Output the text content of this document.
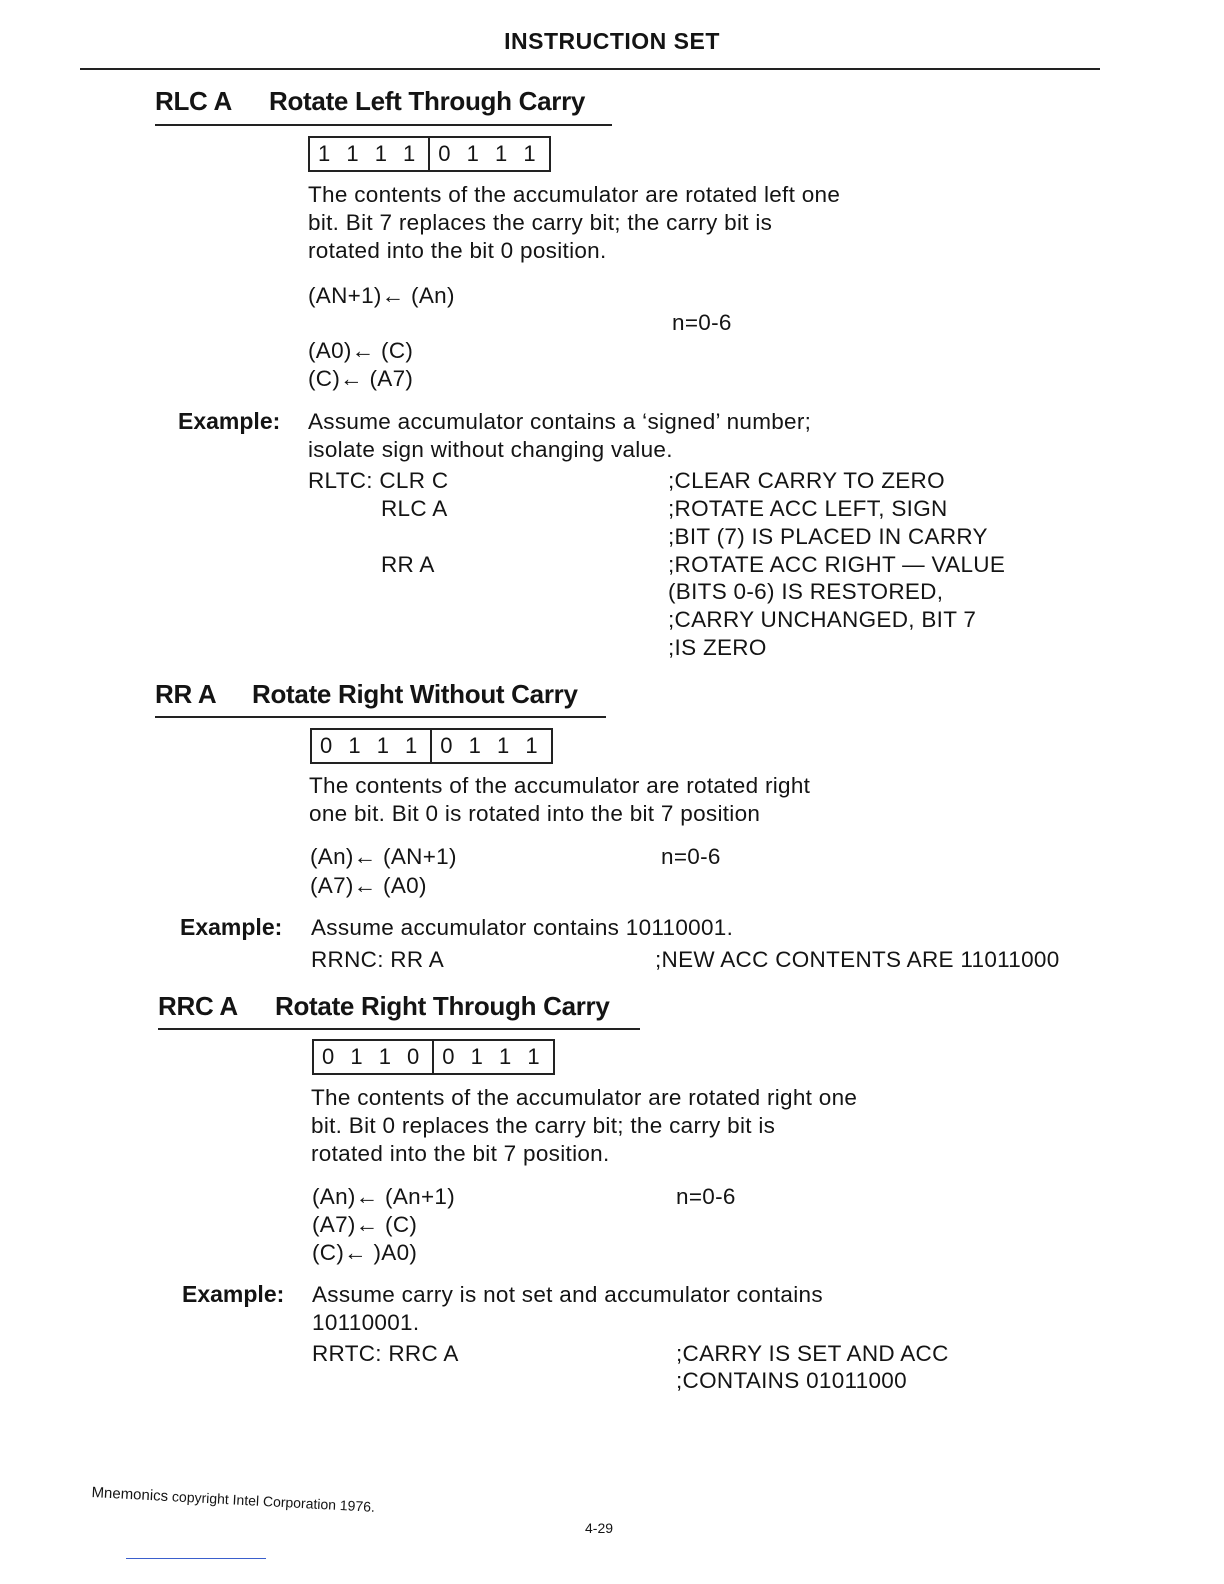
INSTRUCTION SET
RLC A Rotate Left Through Carry
1 1 1 1 0 1 1 1
The contents of the accumulator are rotated left one
bit. Bit 7 replaces the carry bit; the carry bit is
rotated into the bit 0 position.
(AN+1)← (An)
n=0-6
(A0)← (C)
(C)← (A7)
Example: Assume accumulator contains a ‘signed’ number;
isolate sign without changing value.
RLTC: CLR C	;CLEAR CARRY TO ZERO
RLC A	;ROTATE ACC LEFT, SIGN
;BIT (7) IS PLACED IN CARRY
RR A	;ROTATE ACC RIGHT — VALUE
(BITS 0-6) IS RESTORED,
;CARRY UNCHANGED, BIT 7
;IS ZERO
RR A Rotate Right Without Carry
0 1 1 1 0 1 1 1
The contents of the accumulator are rotated right
one bit. Bit 0 is rotated into the bit 7 position
(An)← (AN+1)	n=0-6
(A7)← (A0)
Example: Assume accumulator contains 10110001.
RRNC: RR A	;NEW ACC CONTENTS ARE 11011000
RRC A Rotate Right Through Carry
0 1 1 0 0 1 1 1
The contents of the accumulator are rotated right one
bit. Bit 0 replaces the carry bit; the carry bit is
rotated into the bit 7 position.
(An)← (An+1)	n=0-6
(A7)← (C)
(C)← )A0)
Example: Assume carry is not set and accumulator contains
10110001.
RRTC: RRC A	;CARRY IS SET AND ACC
;CONTAINS 01011000
Mnemonics copyright Intel Corporation 1976.
4-29
